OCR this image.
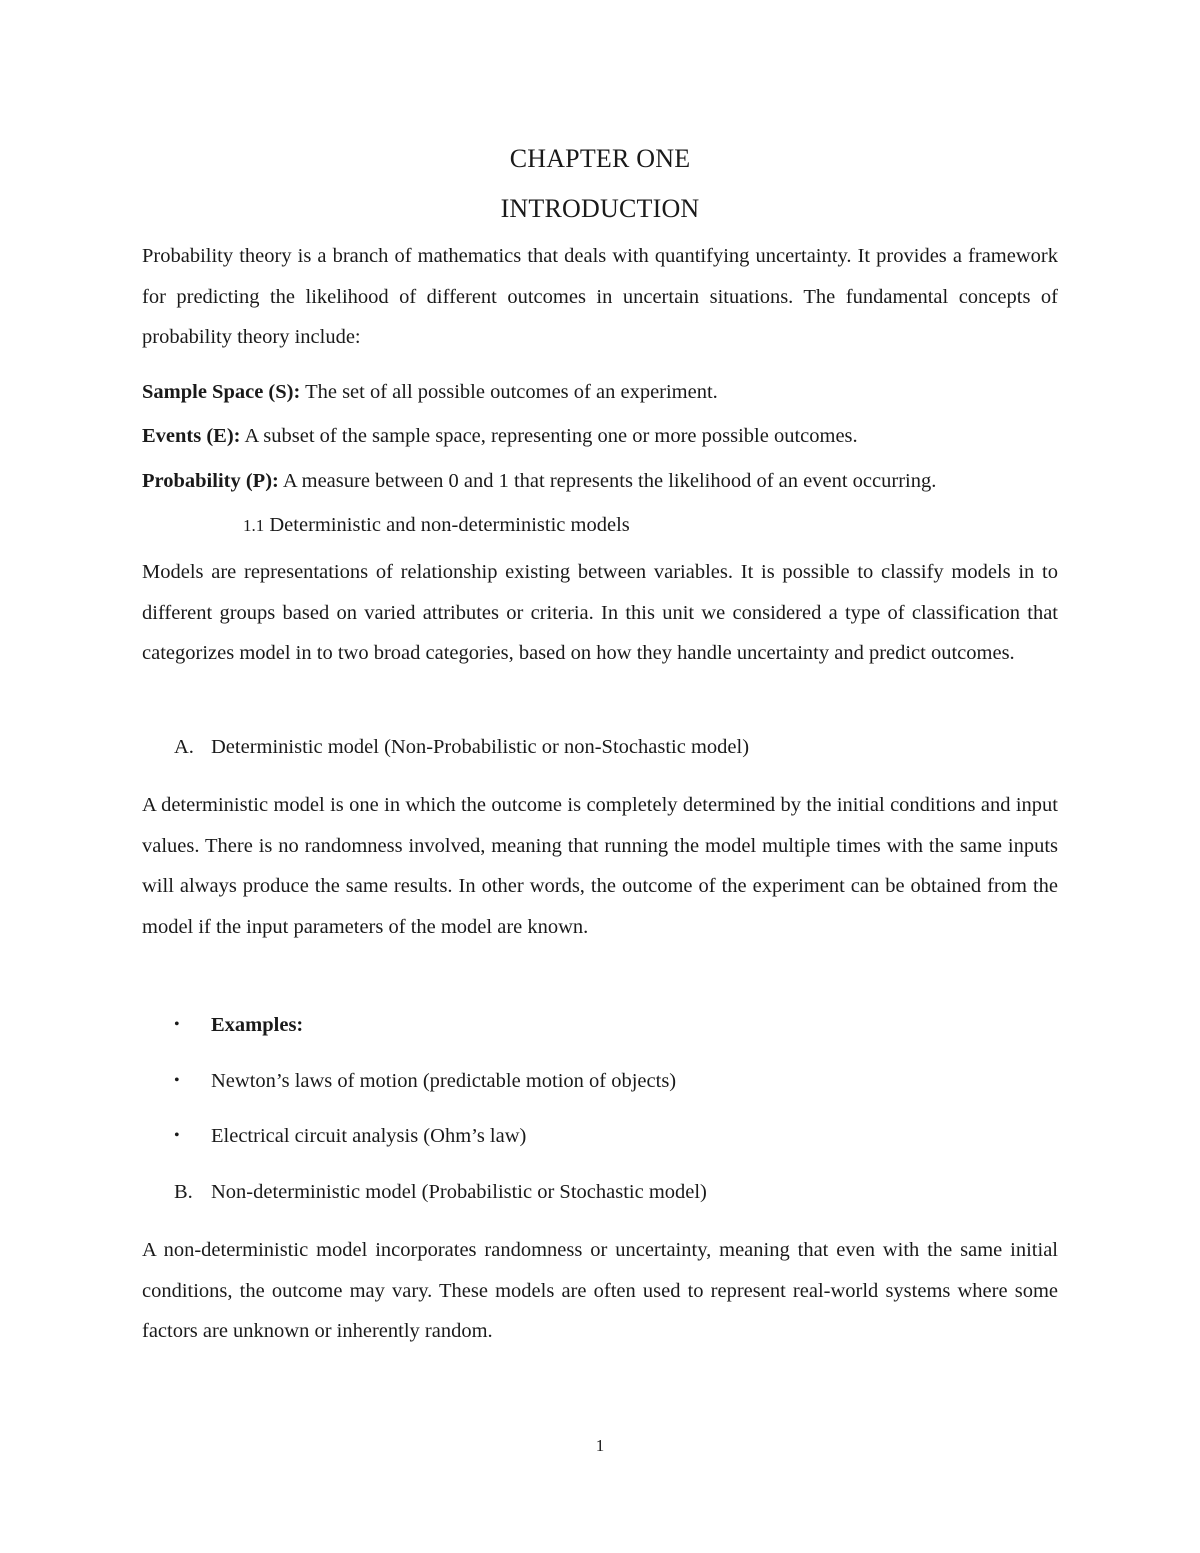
CHAPTER ONE
INTRODUCTION

Probability theory is a branch of mathematics that deals with quantifying uncertainty. It provides a framework for predicting the likelihood of different outcomes in uncertain situations. The fundamental concepts of probability theory include:

Sample Space (S): The set of all possible outcomes of an experiment.

Events (E): A subset of the sample space, representing one or more possible outcomes.

Probability (P): A measure between 0 and 1 that represents the likelihood of an event occurring.

1.1 Deterministic and non-deterministic models

Models are representations of relationship existing between variables. It is possible to classify models in to different groups based on varied attributes or criteria. In this unit we considered a type of classification that categorizes model in to two broad categories, based on how they handle uncertainty and predict outcomes.

A. Deterministic model (Non-Probabilistic or non-Stochastic model)

A deterministic model is one in which the outcome is completely determined by the initial conditions and input values. There is no randomness involved, meaning that running the model multiple times with the same inputs will always produce the same results. In other words, the outcome of the experiment can be obtained from the model if the input parameters of the model are known.

• Examples:
• Newton’s laws of motion (predictable motion of objects)
• Electrical circuit analysis (Ohm’s law)
B. Non-deterministic model (Probabilistic or Stochastic model)

A non-deterministic model incorporates randomness or uncertainty, meaning that even with the same initial conditions, the outcome may vary. These models are often used to represent real-world systems where some factors are unknown or inherently random.

1
